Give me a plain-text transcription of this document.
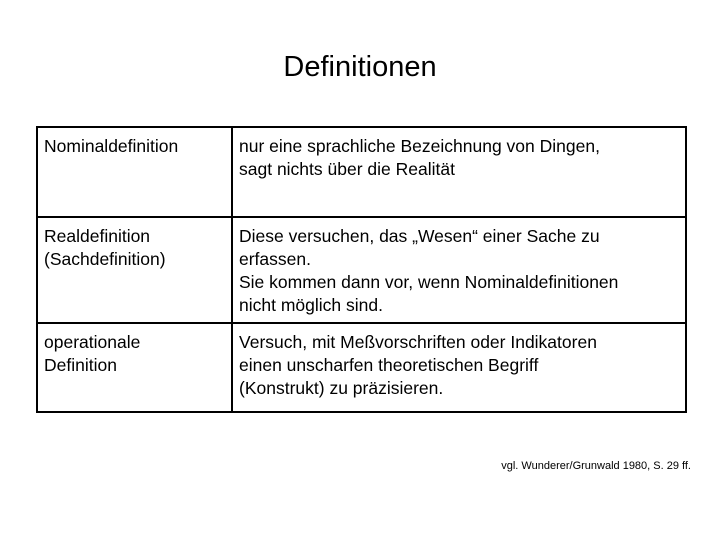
Definitionen
Nominaldefinition	nur eine sprachliche Bezeichnung von Dingen,
sagt nichts über die Realität

Realdefinition
(Sachdefinition)	Diese versuchen, das „Wesen“ einer Sache zu
erfassen.
Sie kommen dann vor, wenn Nominaldefinitionen
nicht möglich sind.

operationale
Definition	Versuch, mit Meßvorschriften oder Indikatoren
einen unscharfen theoretischen Begriff
(Konstrukt) zu präzisieren.
vgl. Wunderer/Grunwald 1980, S. 29 ff.
